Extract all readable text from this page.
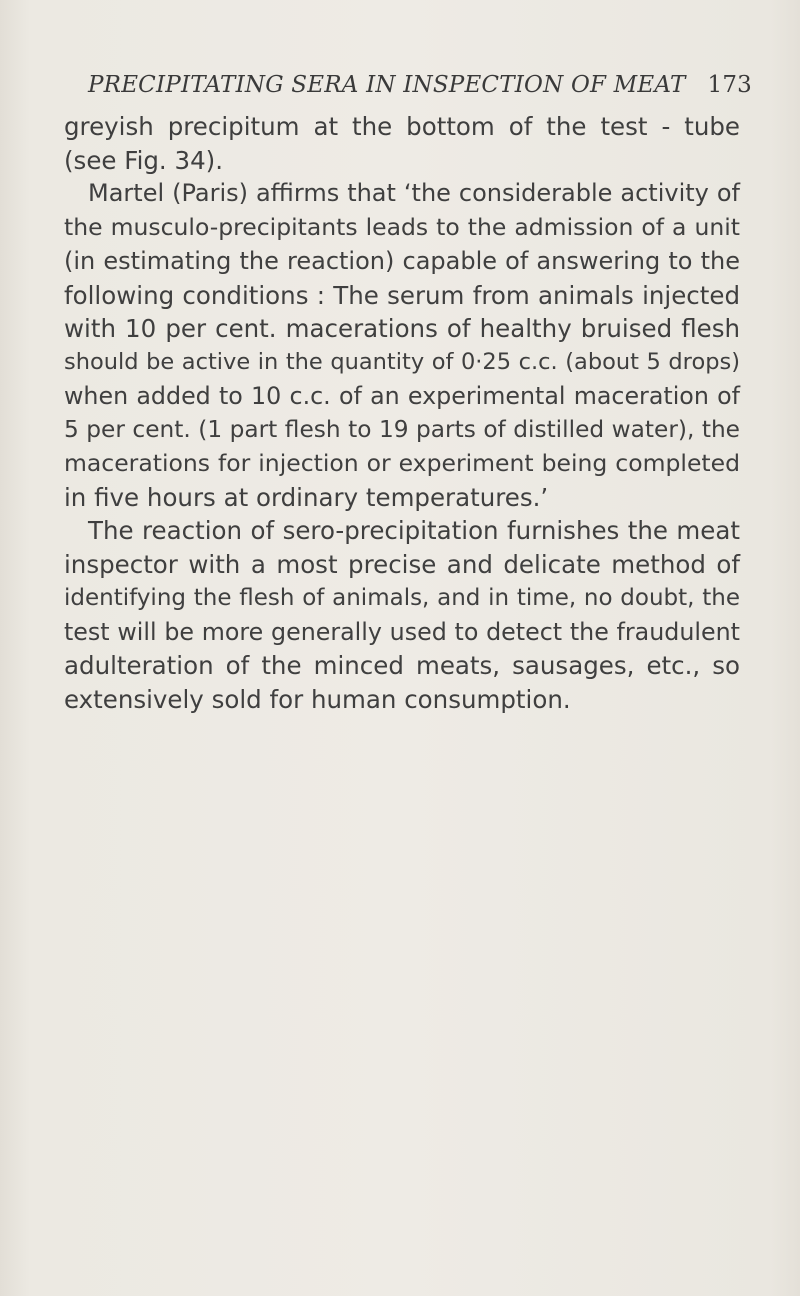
PRECIPITATING SERA IN INSPECTION OF MEAT 173
greyish precipitum at the bottom of the test - tube
(see Fig. 34).
Martel (Paris) affirms that ‘the considerable activity of
the musculo-precipitants leads to the admission of a unit
(in estimating the reaction) capable of answering to the
following conditions : The serum from animals injected
with 10 per cent. macerations of healthy bruised flesh
should be active in the quantity of 0·25 c.c. (about 5 drops)
when added to 10 c.c. of an experimental maceration of
5 per cent. (1 part flesh to 19 parts of distilled water), the
macerations for injection or experiment being completed
in five hours at ordinary temperatures.’
The reaction of sero-precipitation furnishes the meat
inspector with a most precise and delicate method of
identifying the flesh of animals, and in time, no doubt, the
test will be more generally used to detect the fraudulent
adulteration of the minced meats, sausages, etc., so
extensively sold for human consumption.
